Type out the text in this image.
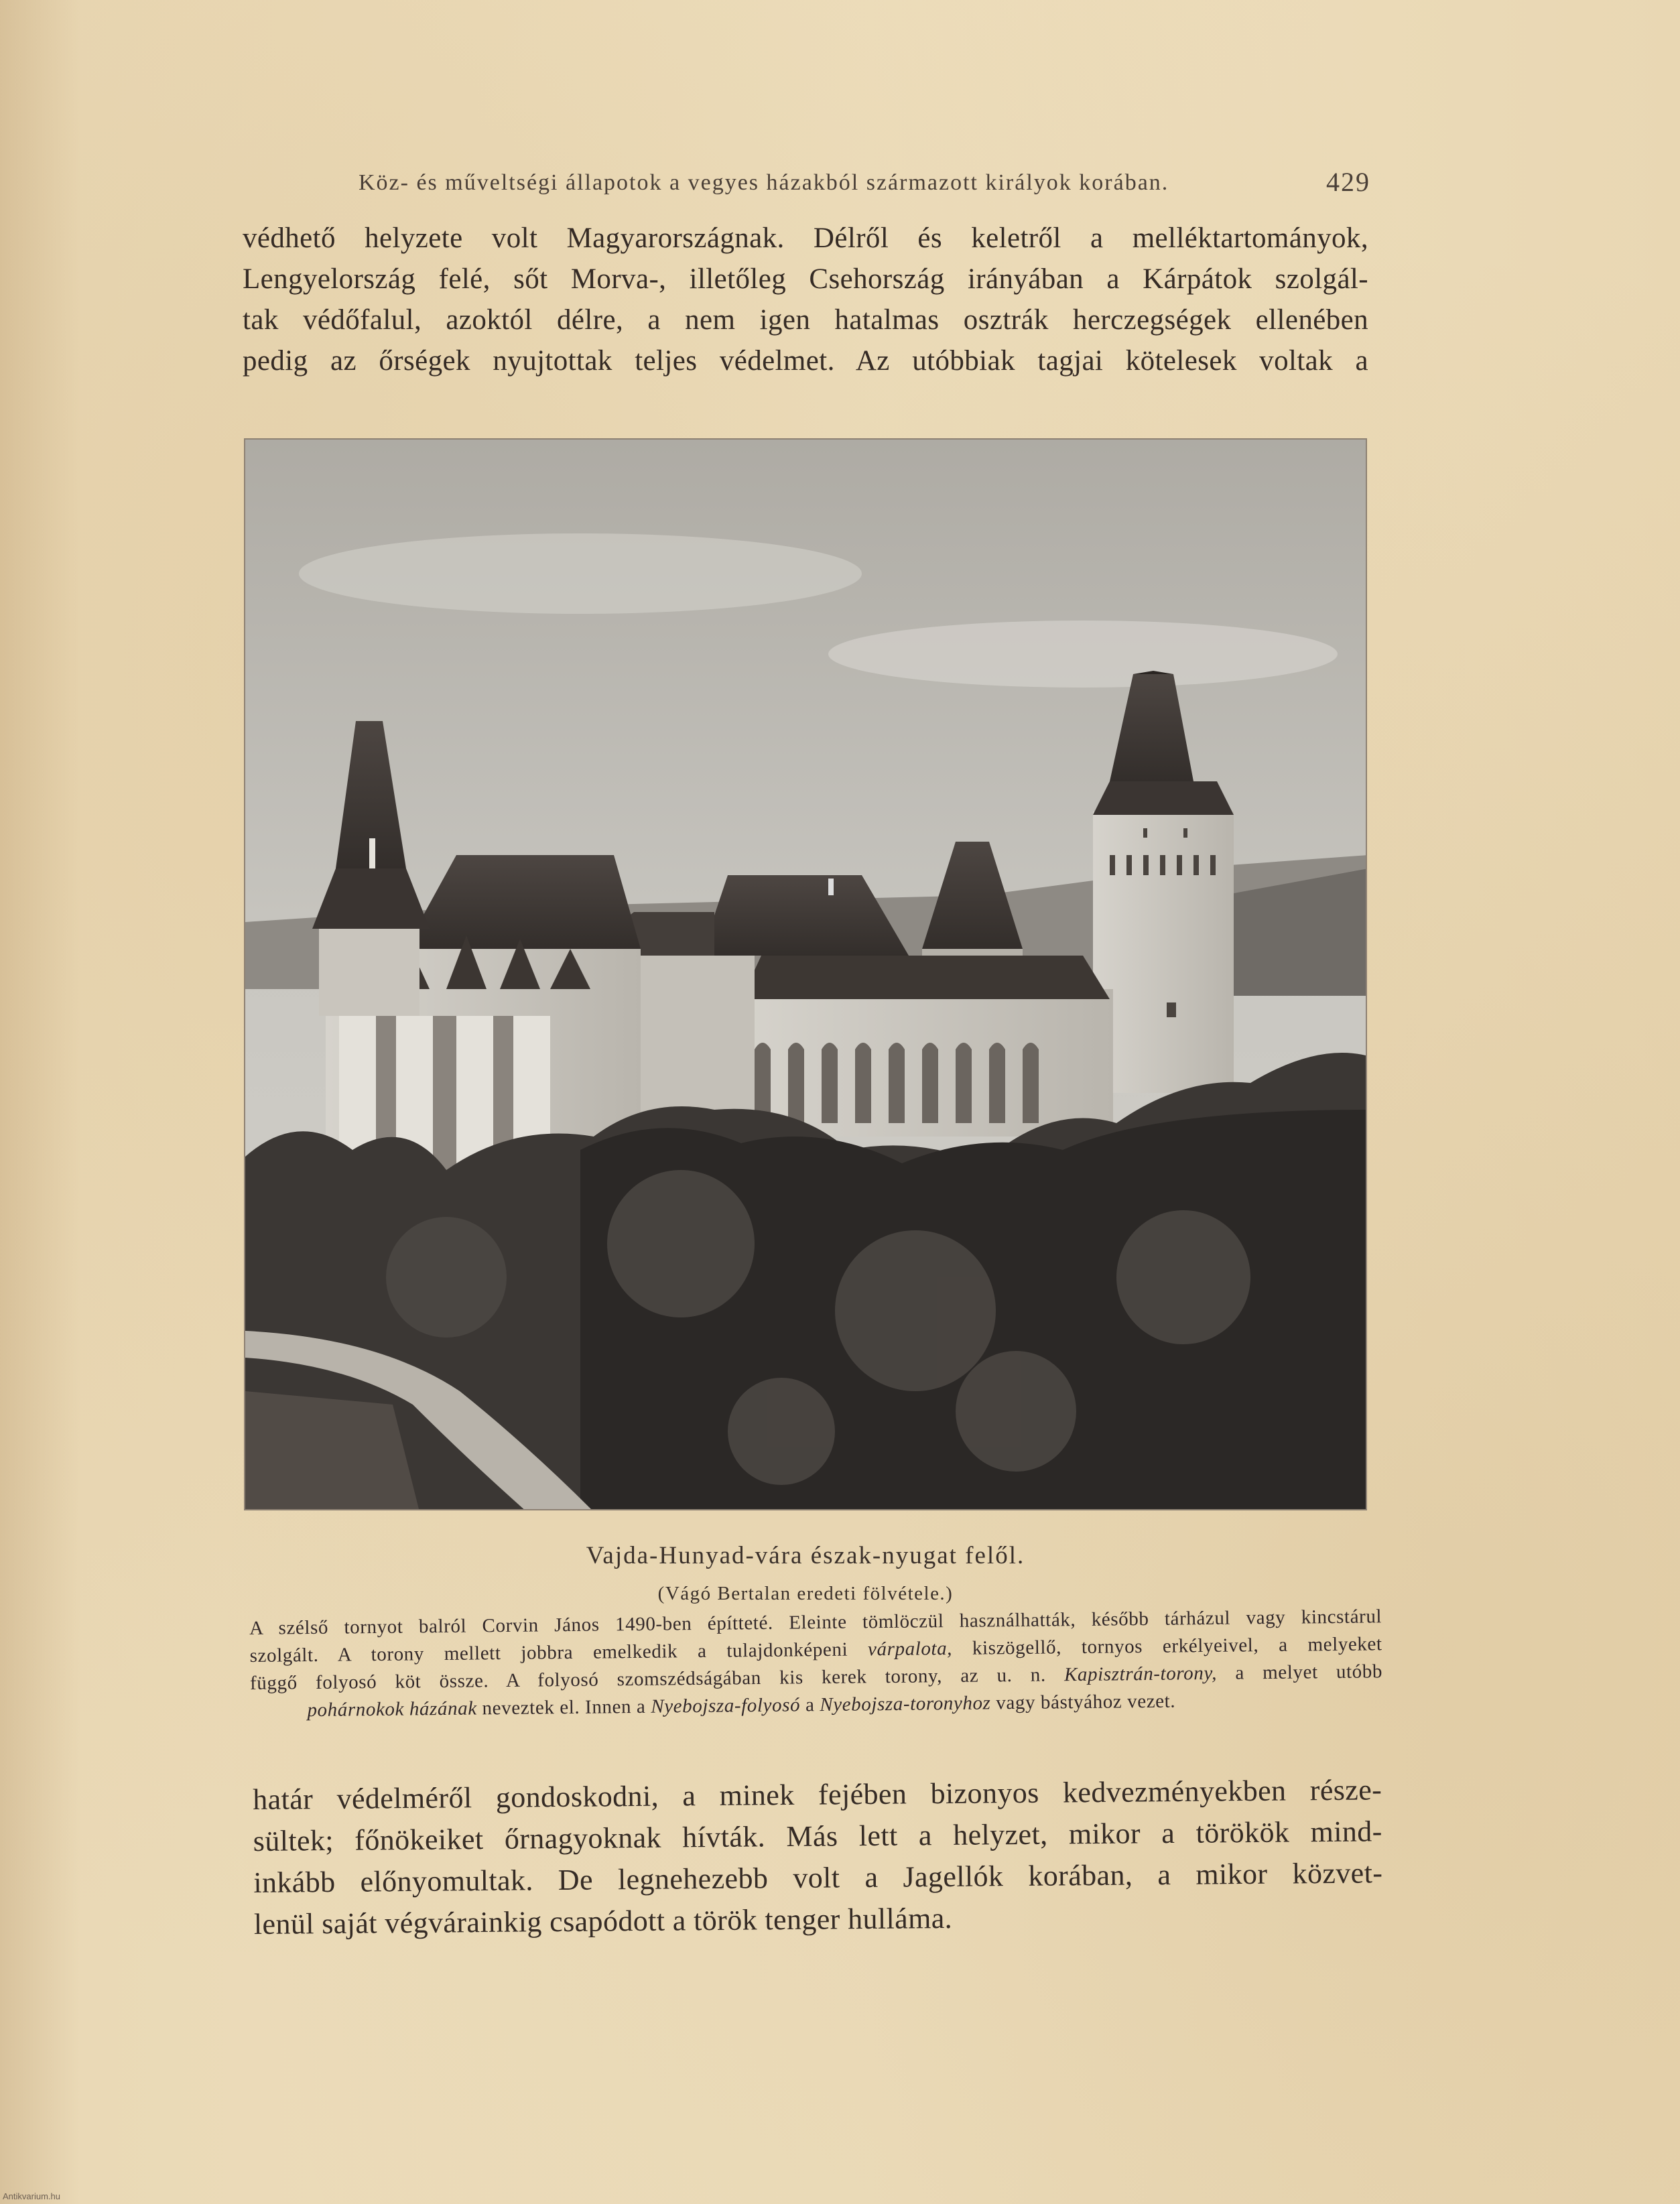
Köz- és műveltségi állapotok a vegyes házakból származott királyok korában.	429
védhető helyzete volt Magyarországnak. Délről és keletről a melléktartományok,
Lengyelország felé, sőt Morva-, illetőleg Csehország irányában a Kárpátok szolgál-
tak védőfalul, azoktól délre, a nem igen hatalmas osztrák herczegségek ellenében
pedig az őrségek nyujtottak teljes védelmet. Az utóbbiak tagjai kötelesek voltak a
Vajda-Hunyad-vára észak-nyugat felől.
(Vágó Bertalan eredeti fölvétele.)
A szélső tornyot balról Corvin János 1490-ben építteté. Eleinte tömlöczül használhatták, később tárházul vagy kincstárul
szolgált. A torony mellett jobbra emelkedik a tulajdonképeni várpalota, kiszögellő, tornyos erkélyeivel, a melyeket
függő folyosó köt össze. A folyosó szomszédságában kis kerek torony, az u. n. Kapisztrán-torony, a melyet utóbb
pohárnokok házának neveztek el. Innen a Nyebojsza-folyosó a Nyebojsza-toronyhoz vagy bástyához vezet.
határ védelméről gondoskodni, a minek fejében bizonyos kedvezményekben része-
sültek; főnökeiket őrnagyoknak hívták. Más lett a helyzet, mikor a törökök mind-
inkább előnyomultak. De legnehezebb volt a Jagellók korában, a mikor közvet-
lenül saját végvárainkig csapódott a török tenger hulláma.
Antikvarium.hu
